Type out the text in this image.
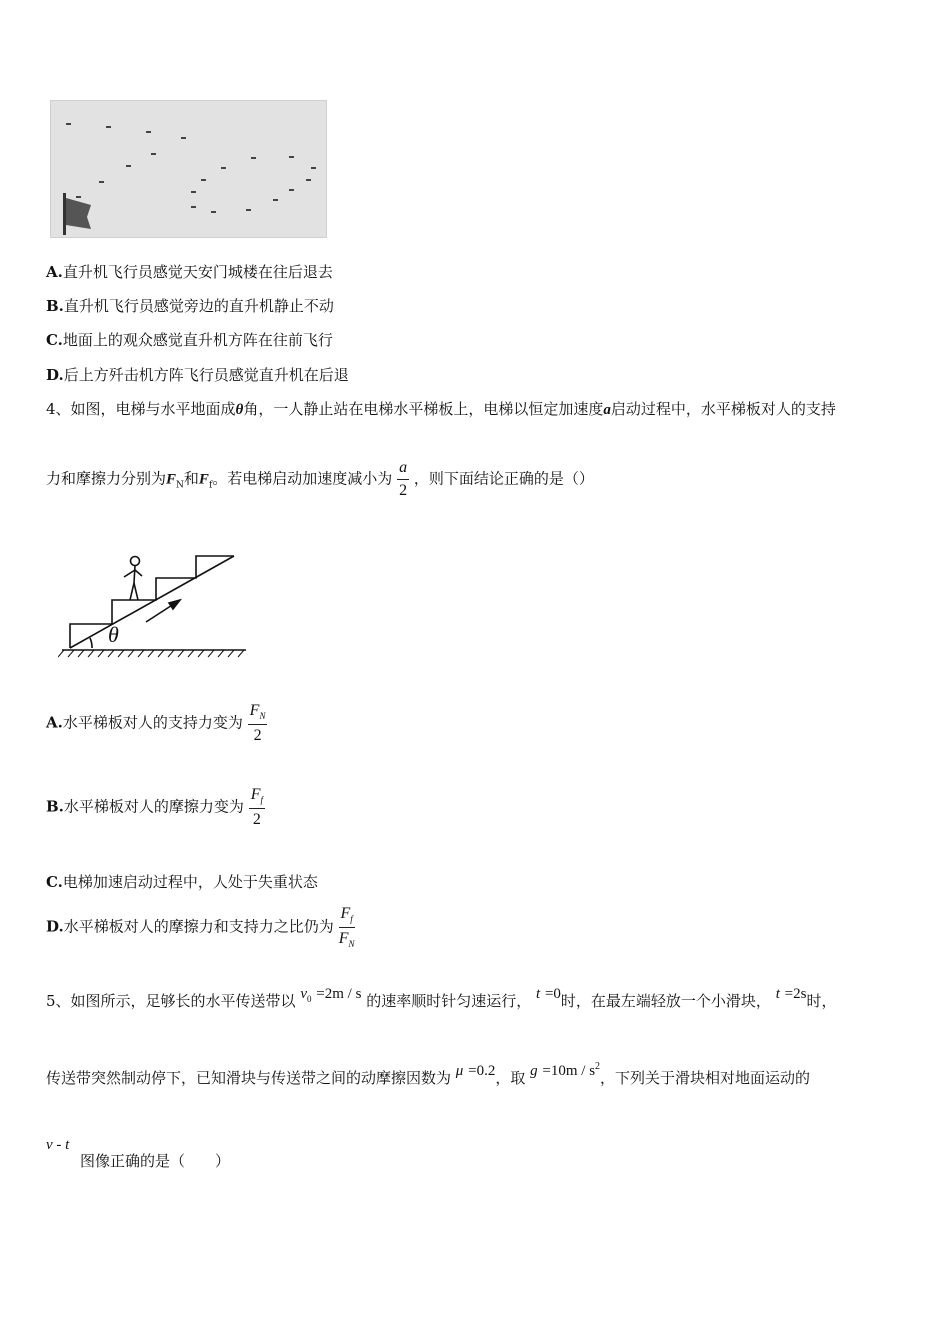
A.直升机飞行员感觉天安门城楼在往后退去
B.直升机飞行员感觉旁边的直升机静止不动
C.地面上的观众感觉直升机方阵在往前飞行
D.后上方歼击机方阵飞行员感觉直升机在后退
4、如图，电梯与水平地面成θ角，一人静止站在电梯水平梯板上，电梯以恒定加速度a启动过程中，水平梯板对人的支持
力和摩擦力分别为$F_N$和$F_f$。若电梯启动加速度减小为 $\frac{a}{2}$ ，则下面结论正确的是（）
θ
A.水平梯板对人的支持力变为 $\frac{F_N}{2}$
B.水平梯板对人的摩擦力变为 $\frac{F_f}{2}$
C.电梯加速启动过程中，人处于失重状态
D.水平梯板对人的摩擦力和支持力之比仍为 $\frac{F_f}{F_N}$
5、如图所示，足够长的水平传送带以 $v_0 =2m / s$ 的速率顺时针匀速运行， t =0时，在最左端轻放一个小滑块， t =2s时，
传送带突然制动停下，已知滑块与传送带之间的动摩擦因数为 μ =0.2，取 $g =10m / s^2$，下列关于滑块相对地面运动的
v - t
图像正确的是（　　）
